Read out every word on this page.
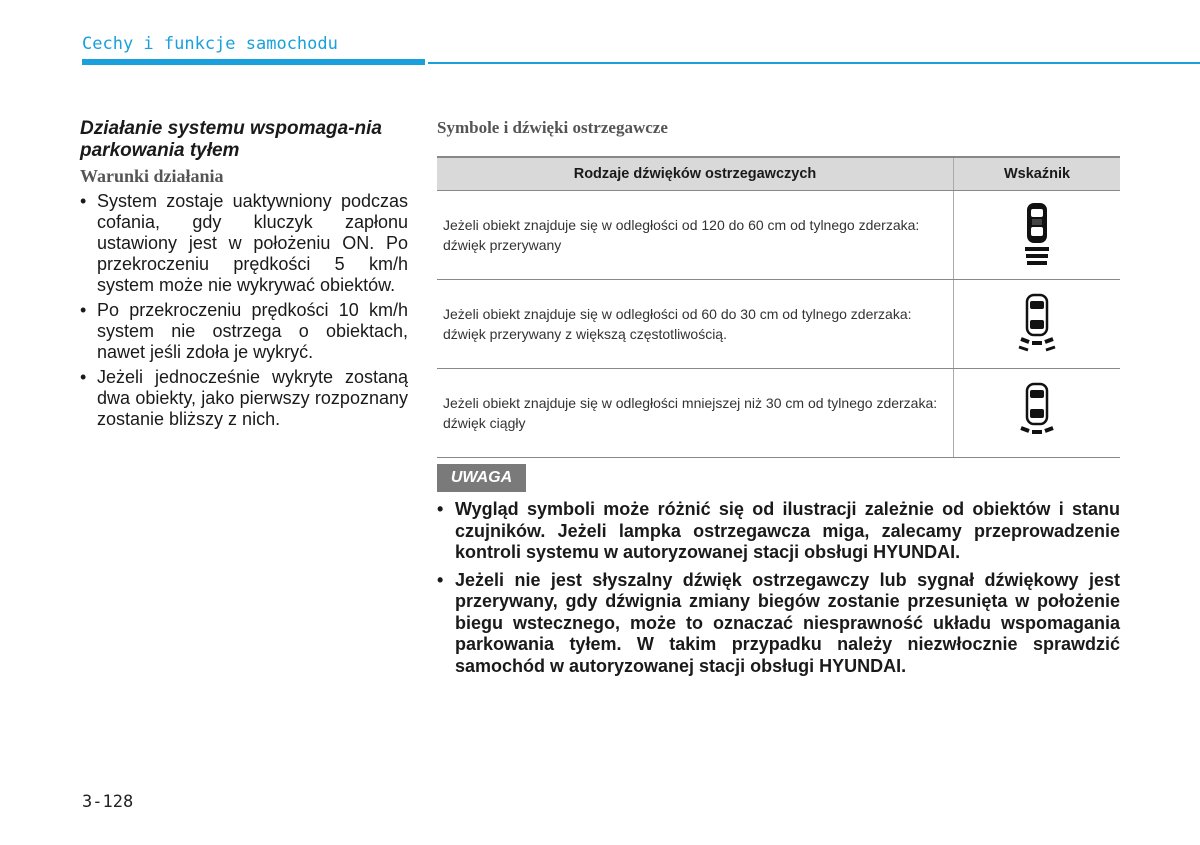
Cechy i funkcje samochodu
Działanie systemu wspomaga-nia parkowania tyłem
Warunki działania
• System zostaje uaktywniony podczas cofania, gdy kluczyk zapłonu ustawiony jest w położeniu ON. Po przekroczeniu prędkości 5 km/h system może nie wykrywać obiektów.
• Po przekroczeniu prędkości 10 km/h system nie ostrzega o obiektach, nawet jeśli zdoła je wykryć.
• Jeżeli jednocześnie wykryte zostaną dwa obiekty, jako pierwszy rozpoznany zostanie bliższy z nich.
Symbole i dźwięki ostrzegawcze
Rodzaje dźwięków ostrzegawczych	Wskaźnik
Jeżeli obiekt znajduje się w odległości od 120 do 60 cm od tylnego zderzaka: dźwięk przerywany	
Jeżeli obiekt znajduje się w odległości od 60 do 30 cm od tylnego zderzaka: dźwięk przerywany z większą częstotliwością.	
Jeżeli obiekt znajduje się w odległości mniejszej niż 30 cm od tylnego zderzaka: dźwięk ciągły	
UWAGA
• Wygląd symboli może różnić się od ilustracji zależnie od obiektów i stanu czujników. Jeżeli lampka ostrzegawcza miga, zalecamy przeprowadzenie kontroli systemu w autoryzowanej stacji obsługi HYUNDAI.
• Jeżeli nie jest słyszalny dźwięk ostrzegawczy lub sygnał dźwiękowy jest przerywany, gdy dźwignia zmiany biegów zostanie przesunięta w położenie biegu wstecznego, może to oznaczać niesprawność układu wspomagania parkowania tyłem. W takim przypadku należy niezwłocznie sprawdzić samochód w autoryzowanej stacji obsługi HYUNDAI.
3-128
